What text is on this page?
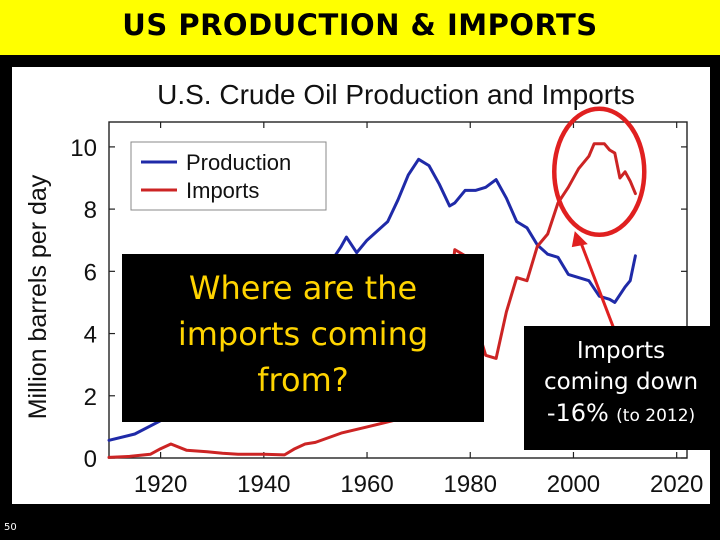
US PRODUCTION & IMPORTS
U.S. Crude Oil Production and Imports
Million barrels per day
0
2
4
6
8
10
1920 1940 1960 1980 2000 2020
Production
Imports
Where are the
imports coming
from?
Imports
coming down
-16% (to 2012)
50
